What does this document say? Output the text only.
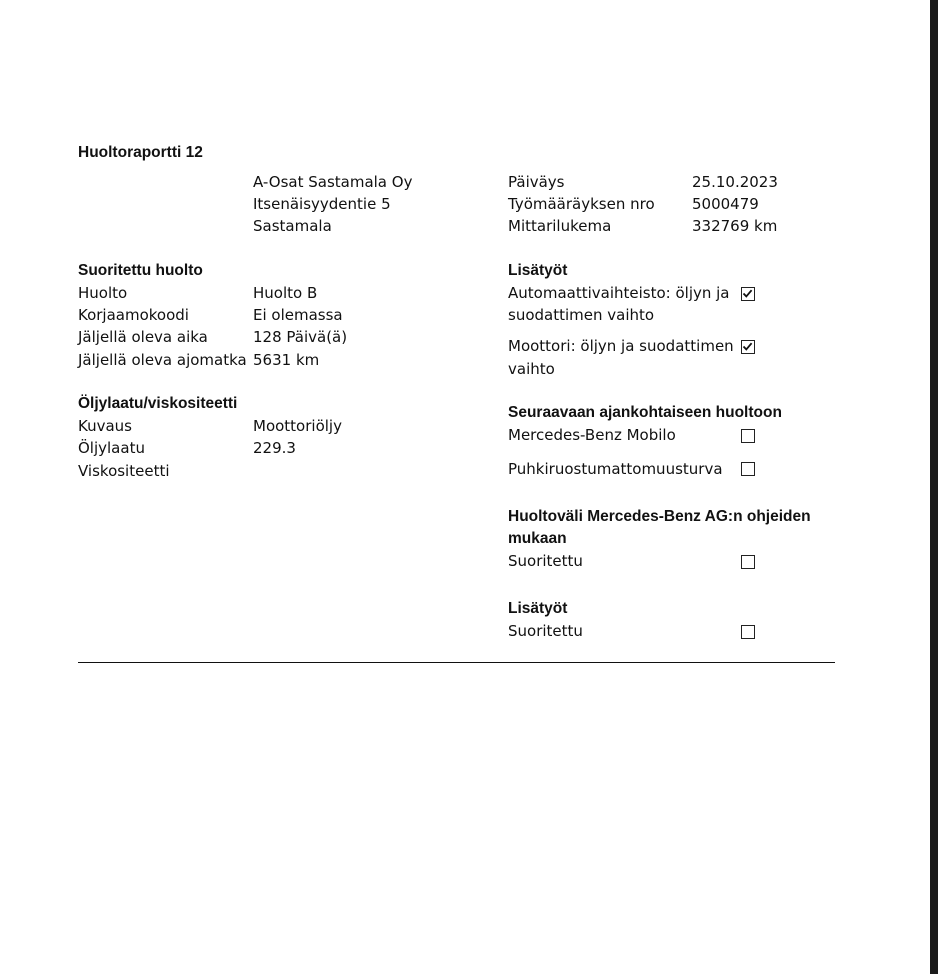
Huoltoraportti 12
A-Osat Sastamala Oy
Itsenäisyydentie 5
Sastamala
Päiväys	25.10.2023
Työmääräyksen nro 5000479
Mittarilukema	332769 km
Suoritettu huolto
Huolto	Huolto B
Korjaamokoodi	Ei olemassa
Jäljellä oleva aika	128 Päivä(ä)
Jäljellä oleva ajomatka 5631 km
Öljylaatu/viskositeetti
Kuvaus	Moottoriöljy
Öljylaatu	229.3
Viskositeetti
Lisätyöt
Automaattivaihteisto: öljyn ja
suodattimen vaihto
Moottori: öljyn ja suodattimen
vaihto
Seuraavaan ajankohtaiseen huoltoon
Mercedes-Benz Mobilo
Puhkiruostumattomuusturva
Huoltoväli Mercedes-Benz AG:n ohjeiden
mukaan
Suoritettu
Lisätyöt
Suoritettu
